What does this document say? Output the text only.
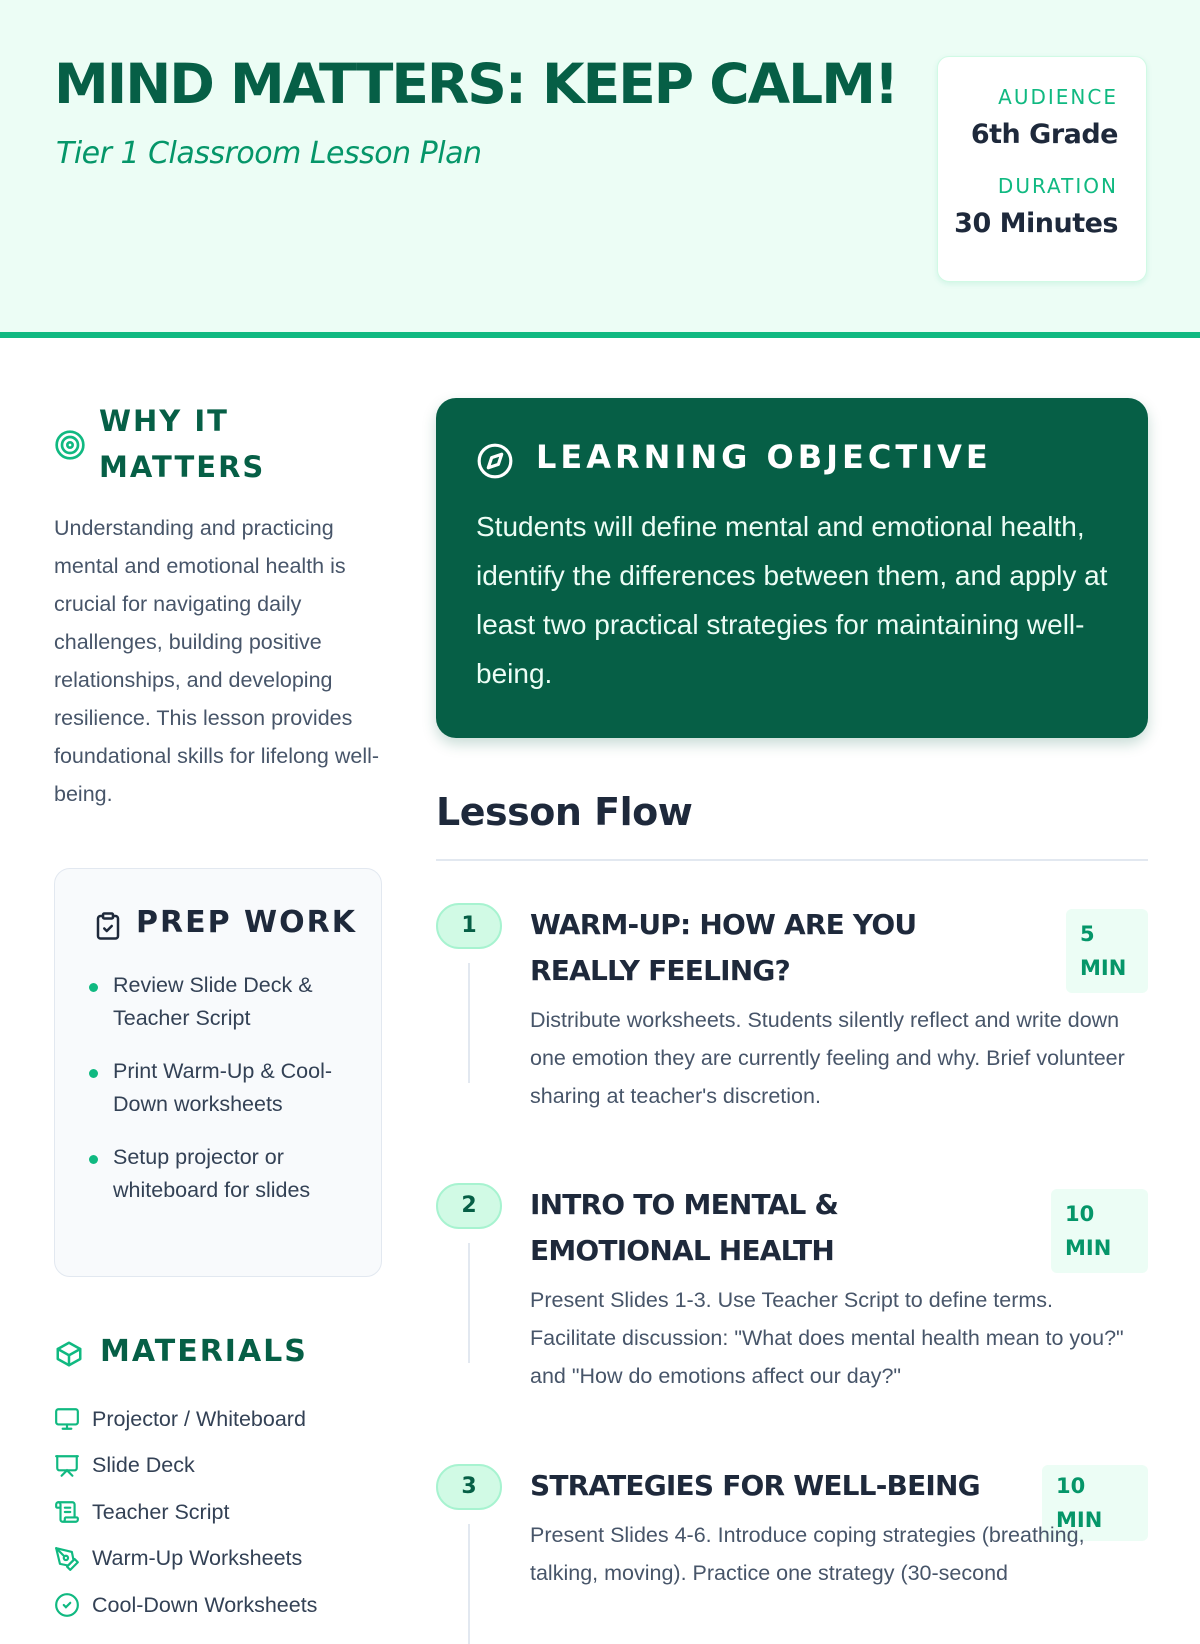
MIND MATTERS: KEEP CALM!
Tier 1 Classroom Lesson Plan
AUDIENCE
6th Grade
DURATION
30 Minutes
WHY IT MATTERS

Understanding and practicing mental and emotional health is crucial for navigating daily challenges, building positive relationships, and developing resilience. This lesson provides foundational skills for lifelong well-being.

PREP WORK
Review Slide Deck & Teacher Script
Print Warm-Up & Cool-Down worksheets
Setup projector or whiteboard for slides
MATERIALS
Projector / Whiteboard
Slide Deck
Teacher Script
Warm-Up Worksheets
Cool-Down Worksheets
LEARNING OBJECTIVE

Students will define mental and emotional health, identify the differences between them, and apply at least two practical strategies for maintaining well-being.

Lesson Flow
1	WARM-UP: HOW ARE YOU REALLY FEELING?
5 MIN

Distribute worksheets. Students silently reflect and write down one emotion they are currently feeling and why. Brief volunteer sharing at teacher's discretion.

2	INTRO TO MENTAL & EMOTIONAL HEALTH
10 MIN

Present Slides 1-3. Use Teacher Script to define terms. Facilitate discussion: "What does mental health mean to you?" and "How do emotions affect our day?"

3	STRATEGIES FOR WELL-BEING	10 MIN

Present Slides 4-6. Introduce coping strategies (breathing, talking, moving). Practice one strategy (30-second
